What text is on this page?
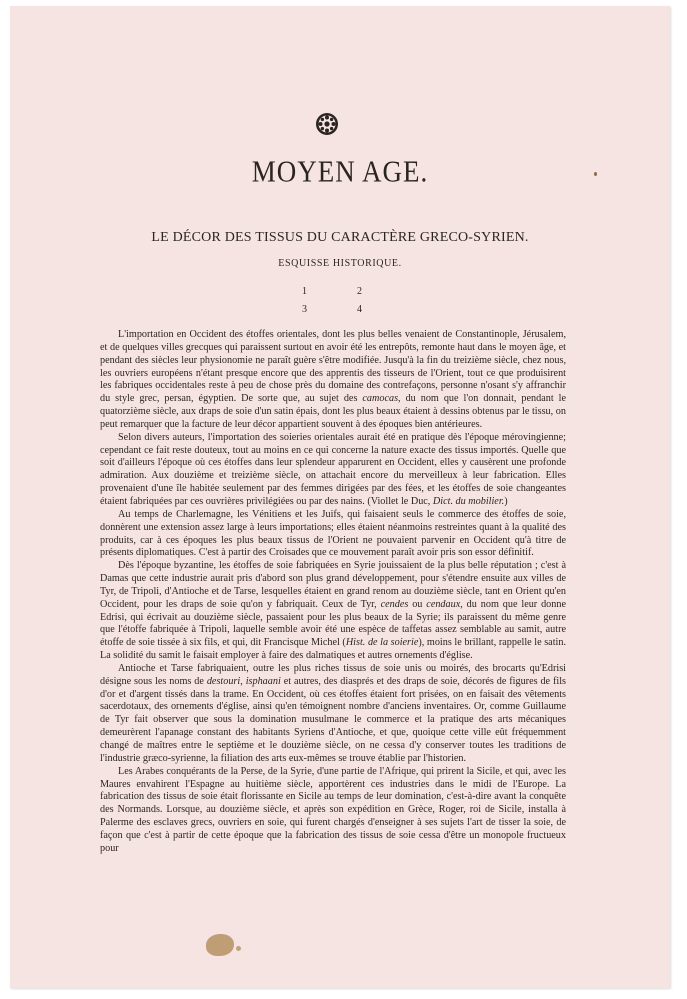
MOYEN AGE.
LE DÉCOR DES TISSUS DU CARACTÈRE GRECO-SYRIEN.
ESQUISSE HISTORIQUE.
1	2
3	4

L'importation en Occident des étoffes orientales, dont les plus belles venaient de Constantinople, Jérusalem, et de quelques villes grecques qui paraissent surtout en avoir été les entrepôts, remonte haut dans le moyen âge, et pendant des siècles leur physionomie ne paraît guère s'être modifiée. Jusqu'à la fin du treizième siècle, chez nous, les ouvriers européens n'étant presque encore que des apprentis des tisseurs de l'Orient, tout ce que produisirent les fabriques occidentales reste à peu de chose près du domaine des contrefaçons, personne n'osant s'y affranchir du style grec, persan, égyptien. De sorte que, au sujet des camocas, du nom que l'on donnait, pendant le quatorzième siècle, aux draps de soie d'un satin épais, dont les plus beaux étaient à dessins obtenus par le tissu, on peut remarquer que la facture de leur décor appartient souvent à des époques bien antérieures.

Selon divers auteurs, l'importation des soieries orientales aurait été en pratique dès l'époque mérovingienne; cependant ce fait reste douteux, tout au moins en ce qui concerne la nature exacte des tissus importés. Quelle que soit d'ailleurs l'époque où ces étoffes dans leur splendeur apparurent en Occident, elles y causèrent une profonde admiration. Aux douzième et treizième siècle, on attachait encore du merveilleux à leur fabrication. Elles provenaient d'une île habitée seulement par des femmes dirigées par des fées, et les étoffes de soie changeantes étaient fabriquées par ces ouvrières privilégiées ou par des nains. (Viollet le Duc, Dict. du mobilier.)

Au temps de Charlemagne, les Vénitiens et les Juifs, qui faisaient seuls le commerce des étoffes de soie, donnèrent une extension assez large à leurs importations; elles étaient néanmoins restreintes quant à la qualité des produits, car à ces époques les plus beaux tissus de l'Orient ne pouvaient parvenir en Occident qu'à titre de présents diplomatiques. C'est à partir des Croisades que ce mouvement paraît avoir pris son essor définitif.

Dès l'époque byzantine, les étoffes de soie fabriquées en Syrie jouissaient de la plus belle réputation ; c'est à Damas que cette industrie aurait pris d'abord son plus grand développement, pour s'étendre ensuite aux villes de Tyr, de Tripoli, d'Antioche et de Tarse, lesquelles étaient en grand renom au douzième siècle, tant en Orient qu'en Occident, pour les draps de soie qu'on y fabriquait. Ceux de Tyr, cendes ou cendaux, du nom que leur donne Edrisi, qui écrivait au douzième siècle, passaient pour les plus beaux de la Syrie; ils paraissent du même genre que l'étoffe fabriquée à Tripoli, laquelle semble avoir été une espèce de taffetas assez semblable au samit, autre étoffe de soie tissée à six fils, et qui, dit Francisque Michel (Hist. de la soierie), moins le brillant, rappelle le satin. La solidité du samit le faisait employer à faire des dalmatiques et autres ornements d'église.

Antioche et Tarse fabriquaient, outre les plus riches tissus de soie unis ou moirés, des brocarts qu'Edrisi désigne sous les noms de destouri, isphaani et autres, des diasprés et des draps de soie, décorés de figures de fils d'or et d'argent tissés dans la trame. En Occident, où ces étoffes étaient fort prisées, on en faisait des vêtements sacerdotaux, des ornements d'église, ainsi qu'en témoignent nombre d'anciens inventaires. Or, comme Guillaume de Tyr fait observer que sous la domination musulmane le commerce et la pratique des arts mécaniques demeurèrent l'apanage constant des habitants Syriens d'Antioche, et que, quoique cette ville eût fréquemment changé de maîtres entre le septième et le douzième siècle, on ne cessa d'y conserver toutes les traditions de l'industrie græco-syrienne, la filiation des arts eux-mêmes se trouve établie par l'historien.

Les Arabes conquérants de la Perse, de la Syrie, d'une partie de l'Afrique, qui prirent la Sicile, et qui, avec les Maures envahirent l'Espagne au huitième siècle, apportèrent ces industries dans le midi de l'Europe. La fabrication des tissus de soie était florissante en Sicile au temps de leur domination, c'est-à-dire avant la conquête des Normands. Lorsque, au douzième siècle, et après son expédition en Grèce, Roger, roi de Sicile, installa à Palerme des esclaves grecs, ouvriers en soie, qui furent chargés d'enseigner à ses sujets l'art de tisser la soie, de façon que c'est à partir de cette époque que la fabrication des tissus de soie cessa d'être un monopole fructueux pour
